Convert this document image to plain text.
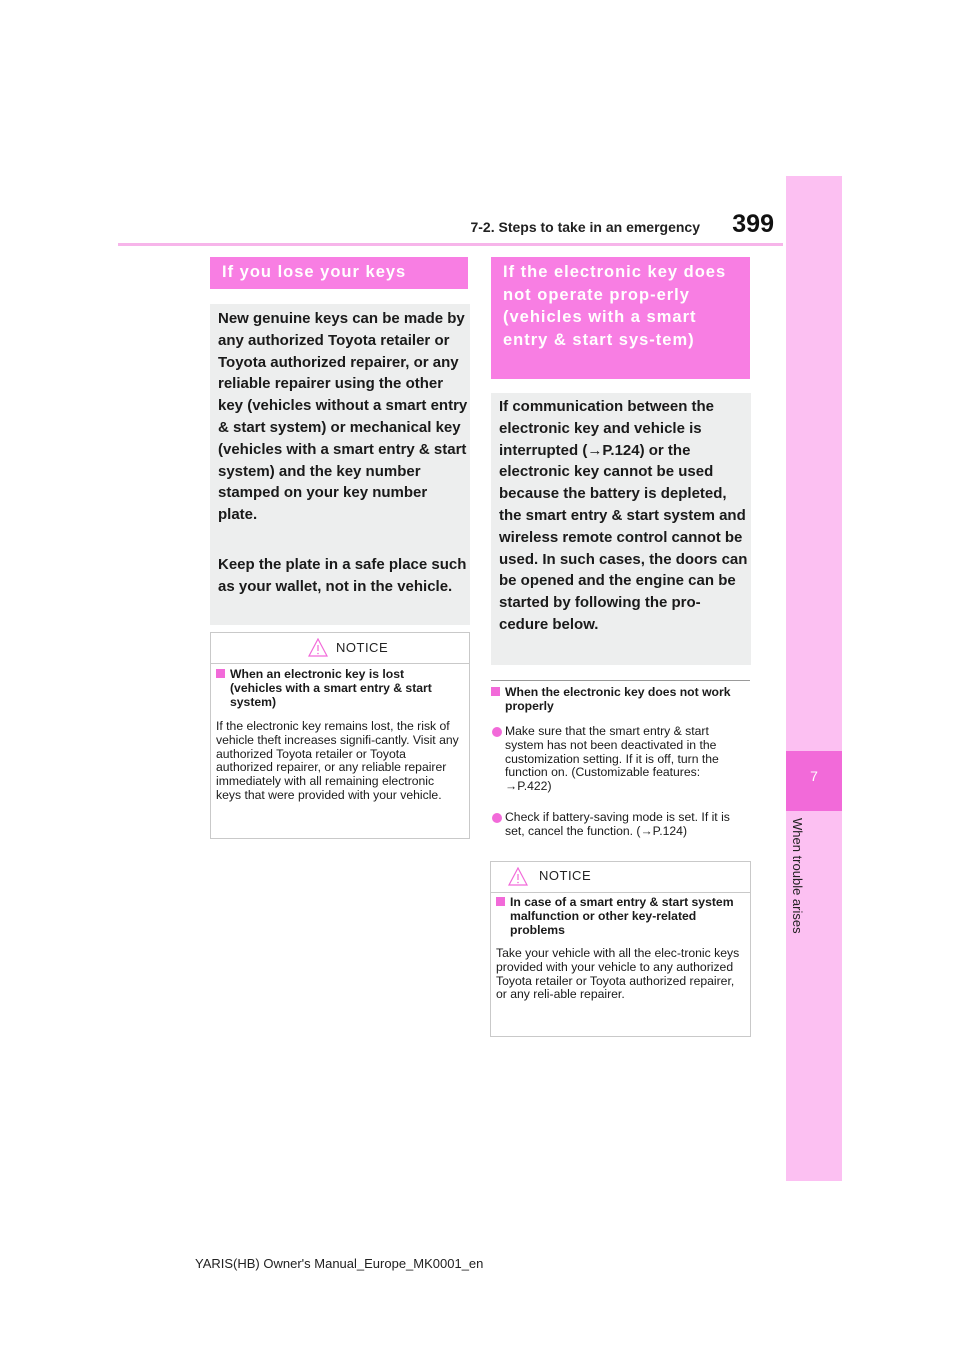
7-2. Steps to take in an emergency	399
7
When trouble arises
If you lose your keys
New genuine keys can be made by any authorized Toyota retailer or Toyota authorized repairer, or any reliable repairer using the other key (vehicles without a smart entry & start system) or mechanical key (vehicles with a smart entry & start system) and the key number stamped on your key number plate.
Keep the plate in a safe place such as your wallet, not in the vehicle.
NOTICE
When an electronic key is lost (vehicles with a smart entry & start system)
If the electronic key remains lost, the risk of vehicle theft increases signifi-cantly. Visit any authorized Toyota retailer or Toyota authorized repairer, or any reliable repairer immediately with all remaining electronic keys that were provided with your vehicle.
If the electronic key does not operate prop-erly (vehicles with a smart entry & start sys-tem)
If communication between the electronic key and vehicle is interrupted (→P.124) or the electronic key cannot be used because the battery is depleted, the smart entry & start system and wireless remote control cannot be used. In such cases, the doors can be opened and the engine can be started by following the pro-cedure below.
When the electronic key does not work properly
Make sure that the smart entry & start system has not been deactivated in the customization setting. If it is off, turn the function on. (Customizable features: →P.422)
Check if battery-saving mode is set. If it is set, cancel the function. (→P.124)
NOTICE
In case of a smart entry & start system malfunction or other key-related problems
Take your vehicle with all the elec-tronic keys provided with your vehicle to any authorized Toyota retailer or Toyota authorized repairer, or any reli-able repairer.
YARIS(HB) Owner's Manual_Europe_MK0001_en
